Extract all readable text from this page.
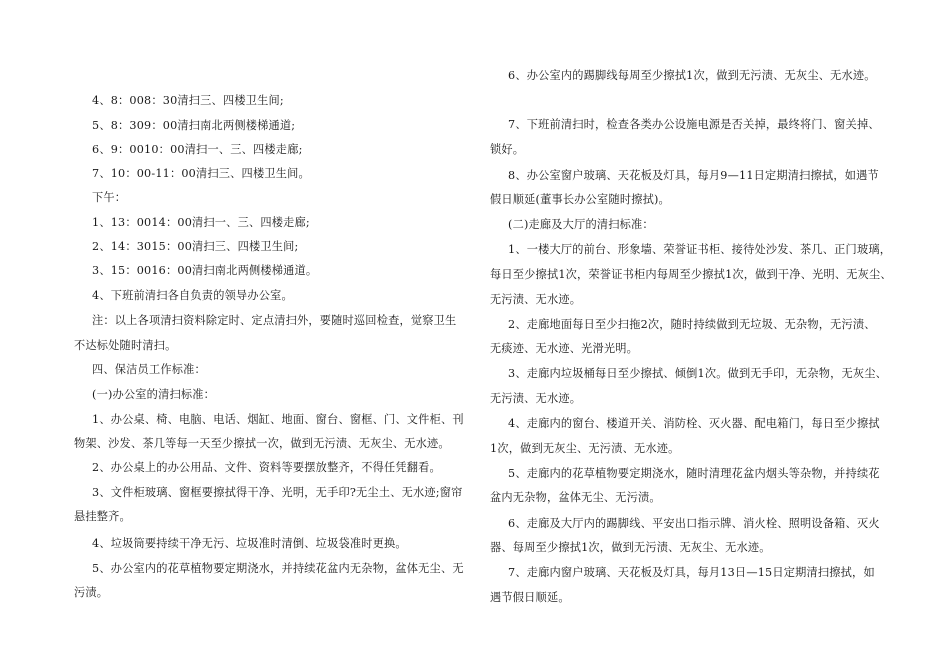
4、8：008：30清扫三、四楼卫生间;
5、8：309：00清扫南北两侧楼梯通道;
6、9：0010：00清扫一、三、四楼走廊;
7、10：00-11：00清扫三、四楼卫生间。
下午：
1、13：0014：00清扫一、三、四楼走廊;
2、14：3015：00清扫三、四楼卫生间;
3、15：0016：00清扫南北两侧楼梯通道。
4、下班前清扫各自负责的领导办公室。
注：以上各项清扫资料除定时、定点清扫外，要随时巡回检查，觉察卫生
不达标处随时清扫。
四、保洁员工作标准：
(一)办公室的清扫标准：
1、办公桌、椅、电脑、电话、烟缸、地面、窗台、窗框、门、文件柜、刊
物架、沙发、茶几等每一天至少擦拭一次，做到无污渍、无灰尘、无水迹。
2、办公桌上的办公用品、文件、资料等要摆放整齐，不得任凭翻看。
3、文件柜玻璃、窗框要擦拭得干净、光明，无手印?无尘土、无水迹;窗帘
悬挂整齐。
4、垃圾筒要持续干净无污、垃圾准时清倒、垃圾袋准时更换。
5、办公室内的花草植物要定期浇水，并持续花盆内无杂物，盆体无尘、无
污渍。
6、办公室内的踢脚线每周至少擦拭1次，做到无污渍、无灰尘、无水迹。
7、下班前清扫时，检查各类办公设施电源是否关掉，最终将门、窗关掉、
锁好。
8、办公室窗户玻璃、天花板及灯具，每月9—11日定期清扫擦拭，如遇节
假日顺延(董事长办公室随时擦拭)。
(二)走廊及大厅的清扫标准：
1、一楼大厅的前台、形象墙、荣誉证书柜、接待处沙发、茶几、正门玻璃，
每日至少擦拭1次，荣誉证书柜内每周至少擦拭1次，做到干净、光明、无灰尘、
无污渍、无水迹。
2、走廊地面每日至少扫拖2次，随时持续做到无垃圾、无杂物，无污渍、
无痰迹、无水迹、光滑光明。
3、走廊内垃圾桶每日至少擦拭、倾倒1次。做到无手印，无杂物，无灰尘、
无污渍、无水迹。
4、走廊内的窗台、楼道开关、消防栓、灭火器、配电箱门，每日至少擦拭
1次，做到无灰尘、无污渍、无水迹。
5、走廊内的花草植物要定期浇水，随时清理花盆内烟头等杂物，并持续花
盆内无杂物，盆体无尘、无污渍。
6、走廊及大厅内的踢脚线、平安出口指示牌、消火栓、照明设备箱、灭火
器、每周至少擦拭1次，做到无污渍、无灰尘、无水迹。
7、走廊内窗户玻璃、天花板及灯具，每月13日—15日定期清扫擦拭，如
遇节假日顺延。
